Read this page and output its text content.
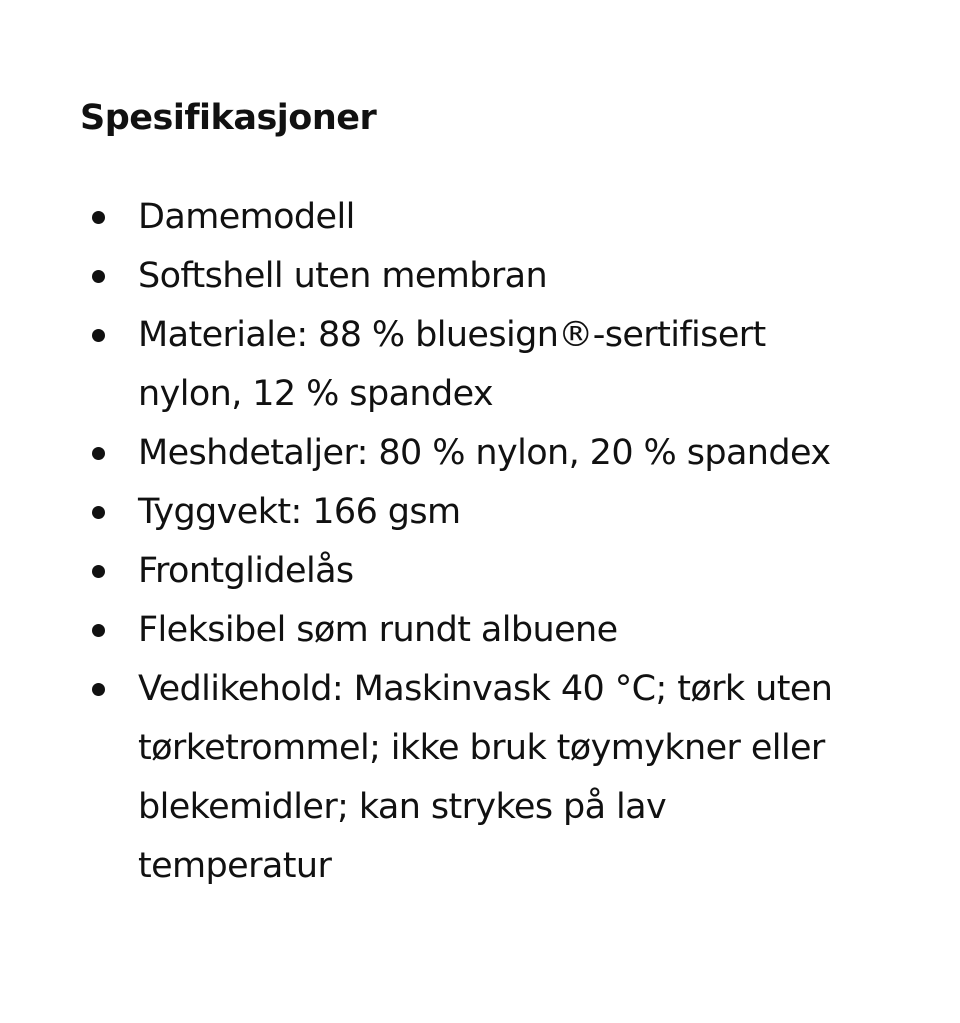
Spesifikasjoner
Damemodell
Softshell uten membran
Materiale: 88 % bluesign®-sertifisert nylon, 12 % spandex
Meshdetaljer: 80 % nylon, 20 % spandex
Tyggvekt: 166 gsm
Frontglidelås
Fleksibel søm rundt albuene
Vedlikehold: Maskinvask 40 °C; tørk uten tørketrommel; ikke bruk tøymykner eller blekemidler; kan strykes på lav temperatur
